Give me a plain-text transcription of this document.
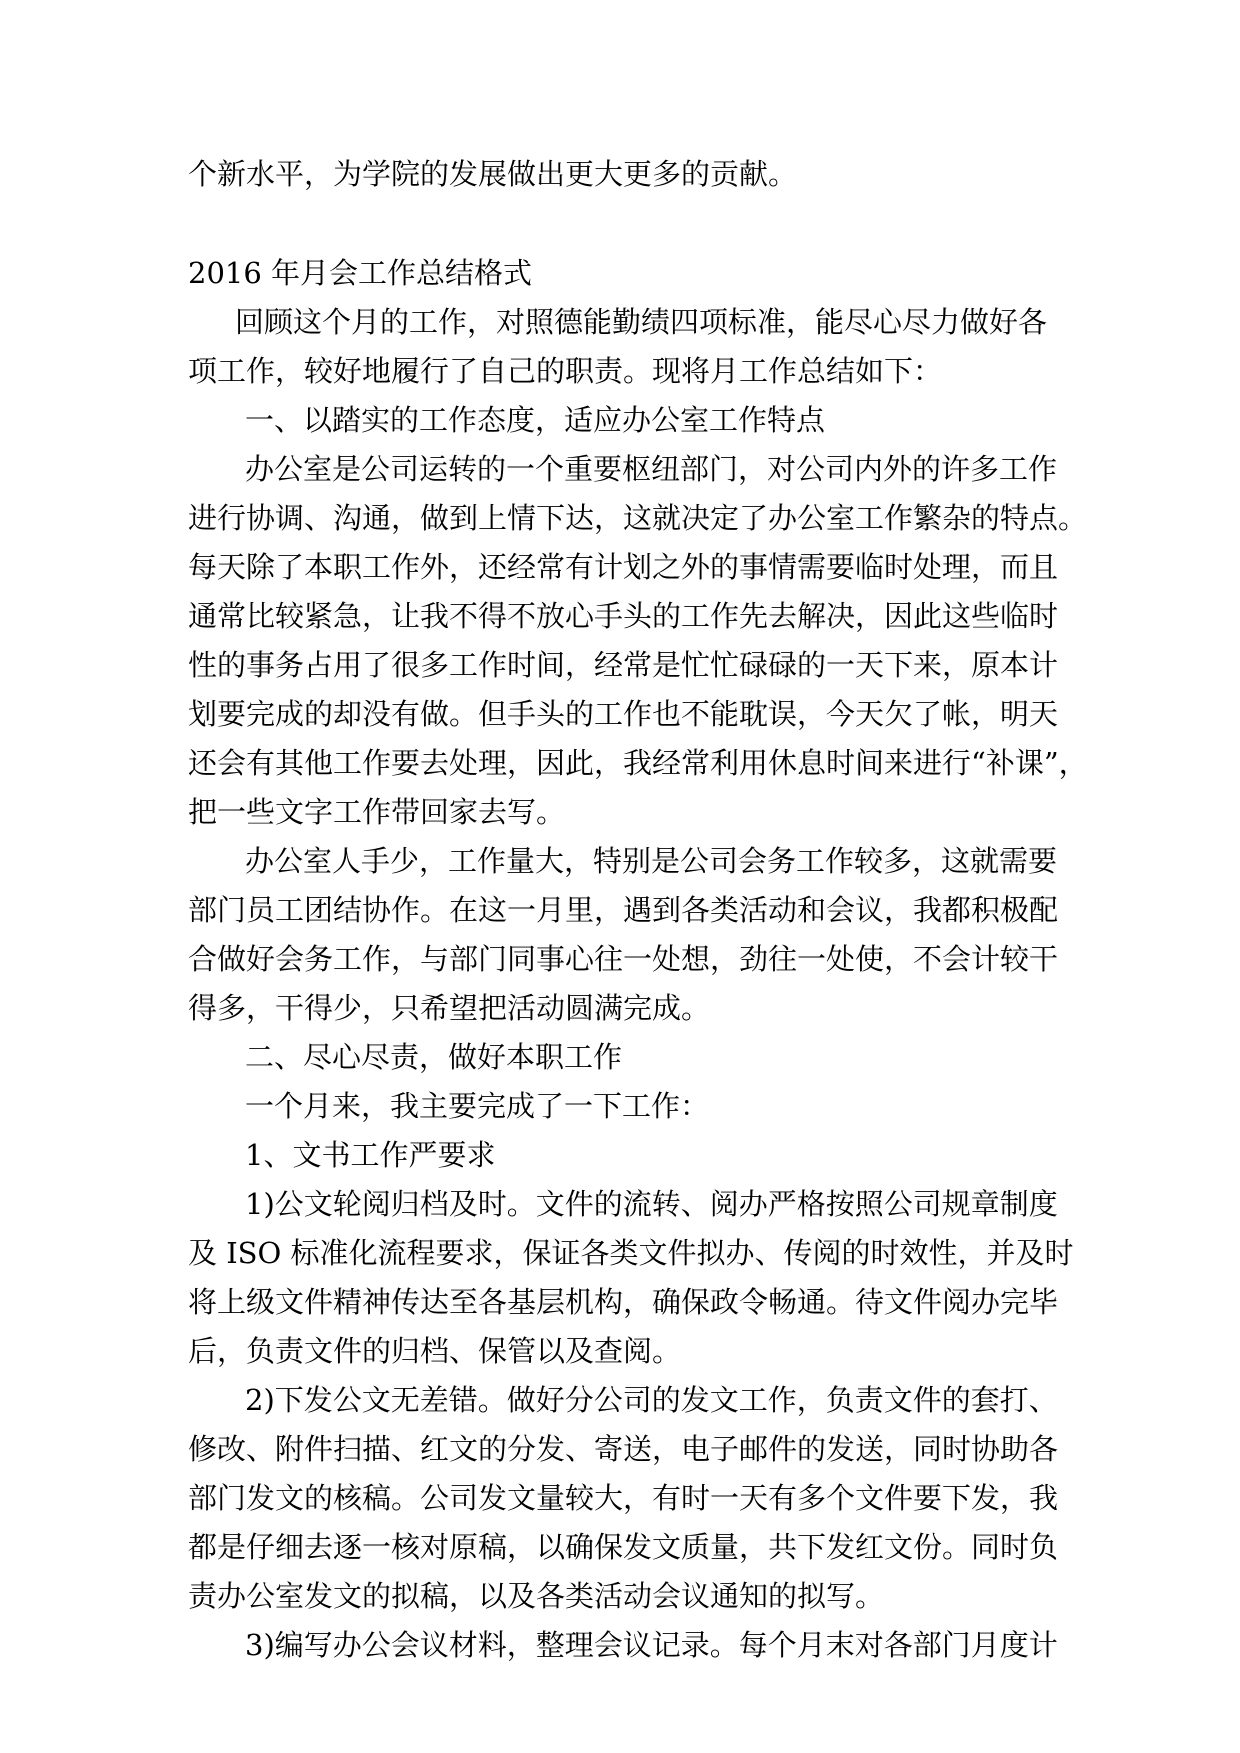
个新水平，为学院的发展做出更大更多的贡献。
2016 年月会工作总结格式
回顾这个月的工作，对照德能勤绩四项标准，能尽心尽力做好各
项工作，较好地履行了自己的职责。现将月工作总结如下：
一、以踏实的工作态度，适应办公室工作特点
办公室是公司运转的一个重要枢纽部门，对公司内外的许多工作
进行协调、沟通，做到上情下达，这就决定了办公室工作繁杂的特点。
每天除了本职工作外，还经常有计划之外的事情需要临时处理，而且
通常比较紧急，让我不得不放心手头的工作先去解决，因此这些临时
性的事务占用了很多工作时间，经常是忙忙碌碌的一天下来，原本计
划要完成的却没有做。但手头的工作也不能耽误，今天欠了帐，明天
还会有其他工作要去处理，因此，我经常利用休息时间来进行“补课”，
把一些文字工作带回家去写。
办公室人手少，工作量大，特别是公司会务工作较多，这就需要
部门员工团结协作。在这一月里，遇到各类活动和会议，我都积极配
合做好会务工作，与部门同事心往一处想，劲往一处使，不会计较干
得多，干得少，只希望把活动圆满完成。
二、尽心尽责，做好本职工作
一个月来，我主要完成了一下工作：
1、文书工作严要求
1)公文轮阅归档及时。文件的流转、阅办严格按照公司规章制度
及 ISO 标准化流程要求，保证各类文件拟办、传阅的时效性，并及时
将上级文件精神传达至各基层机构，确保政令畅通。待文件阅办完毕
后，负责文件的归档、保管以及查阅。
2)下发公文无差错。做好分公司的发文工作，负责文件的套打、
修改、附件扫描、红文的分发、寄送，电子邮件的发送，同时协助各
部门发文的核稿。公司发文量较大，有时一天有多个文件要下发，我
都是仔细去逐一核对原稿，以确保发文质量，共下发红文份。同时负
责办公室发文的拟稿，以及各类活动会议通知的拟写。
3)编写办公会议材料，整理会议记录。每个月末对各部门月度计
